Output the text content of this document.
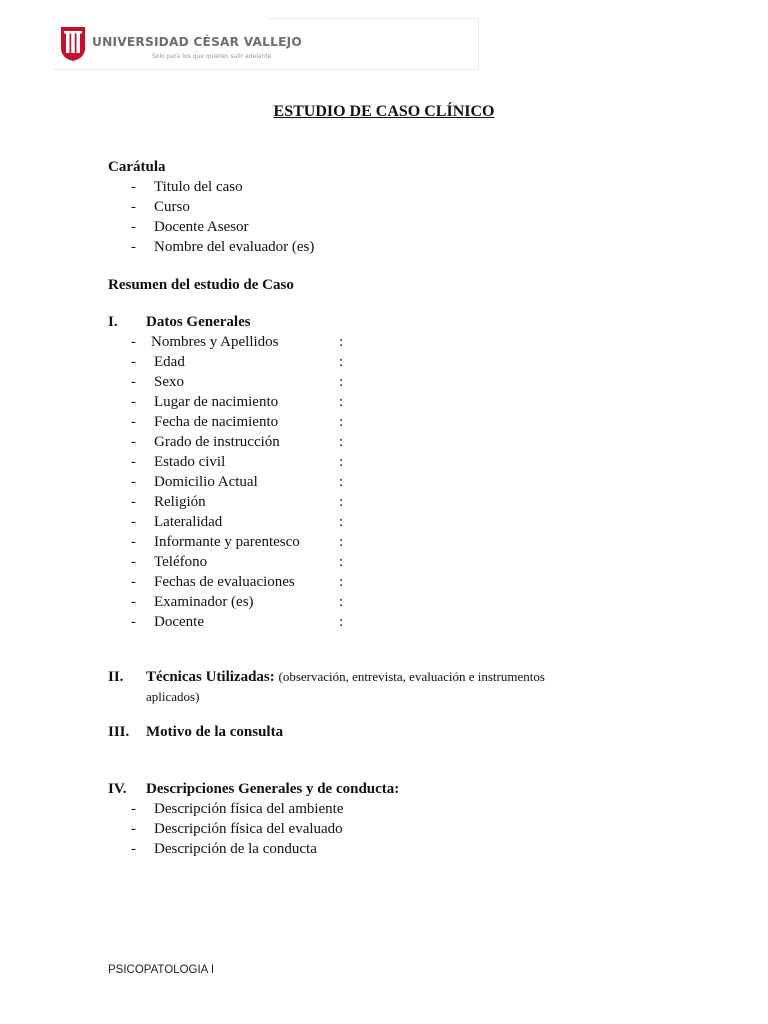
UNIVERSIDAD CÉSAR VALLEJO
Solo para los que quieren salir adelante
ESTUDIO DE CASO CLÍNICO
Carátula
- Titulo del caso
- Curso
- Docente Asesor
- Nombre del evaluador (es)
Resumen del estudio de Caso
I. Datos Generales
- Nombres y Apellidos	:
- Edad	:
- Sexo	:
- Lugar de nacimiento	:
- Fecha de nacimiento	:
- Grado de instrucción	:
- Estado civil	:
- Domicilio Actual	:
- Religión	:
- Lateralidad	:
- Informante y parentesco	:
- Teléfono	:
- Fechas de evaluaciones	:
- Examinador (es)	:
- Docente	:
II. Técnicas Utilizadas: (observación, entrevista, evaluación e instrumentos
aplicados)
III. Motivo de la consulta
IV. Descripciones Generales y de conducta:
- Descripción física del ambiente
- Descripción física del evaluado
- Descripción de la conducta
PSICOPATOLOGIA I
